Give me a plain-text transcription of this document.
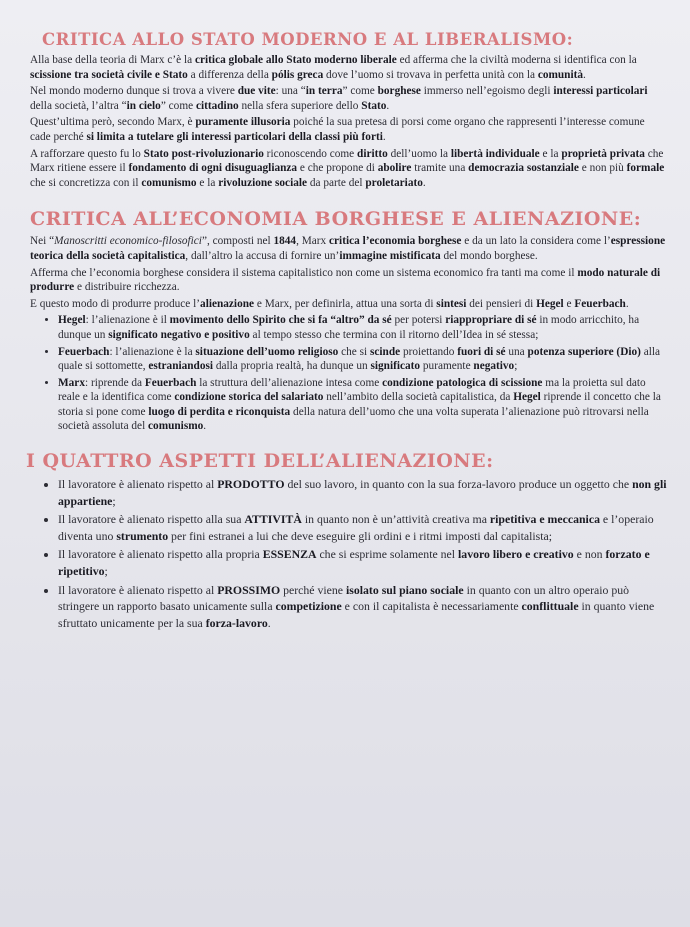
CRITICA ALLO STATO MODERNO E AL LIBERALISMO:

Alla base della teoria di Marx c’è la critica globale allo Stato moderno liberale ed afferma che la civiltà moderna si identifica con la scissione tra società civile e Stato a differenza della pólis greca dove l’uomo si trovava in perfetta unità con la comunità.

Nel mondo moderno dunque si trova a vivere due vite: una “in terra” come borghese immerso nell’egoismo degli interessi particolari della società, l’altra “in cielo” come cittadino nella sfera superiore dello Stato.

Quest’ultima però, secondo Marx, è puramente illusoria poiché la sua pretesa di porsi come organo che rappresenti l’interesse comune cade perché si limita a tutelare gli interessi particolari della classi più forti.

A rafforzare questo fu lo Stato post-rivoluzionario riconoscendo come diritto dell’uomo la libertà individuale e la proprietà privata che Marx ritiene essere il fondamento di ogni disuguaglianza e che propone di abolire tramite una democrazia sostanziale e non più formale che si concretizza con il comunismo e la rivoluzione sociale da parte del proletariato.

CRITICA ALL’ECONOMIA BORGHESE E ALIENAZIONE:

Nei “Manoscritti economico-filosofici”, composti nel 1844, Marx critica l’economia borghese e da un lato la considera come l’espressione teorica della società capitalistica, dall’altro la accusa di fornire un’immagine mistificata del mondo borghese.

Afferma che l’economia borghese considera il sistema capitalistico non come un sistema economico fra tanti ma come il modo naturale di produrre e distribuire ricchezza.

E questo modo di produrre produce l’alienazione e Marx, per definirla, attua una sorta di sintesi dei pensieri di Hegel e Feuerbach.

• Hegel: l’alienazione è il movimento dello Spirito che si fa “altro” da sé per potersi riappropriare di sé in modo arricchito, ha dunque un significato negativo e positivo al tempo stesso che termina con il ritorno dell’Idea in sé stessa;
• Feuerbach: l’alienazione è la situazione dell’uomo religioso che si scinde proiettando fuori di sé una potenza superiore (Dio) alla quale si sottomette, estraniandosi dalla propria realtà, ha dunque un significato puramente negativo;
• Marx: riprende da Feuerbach la struttura dell’alienazione intesa come condizione patologica di scissione ma la proietta sul dato reale e la identifica come condizione storica del salariato nell’ambito della società capitalistica, da Hegel riprende il concetto che la storia si pone come luogo di perdita e riconquista della natura dell’uomo che una volta superata l’alienazione può ritrovarsi nella società assoluta del comunismo.
I QUATTRO ASPETTI DELL’ALIENAZIONE:
• Il lavoratore è alienato rispetto al PRODOTTO del suo lavoro, in quanto con la sua forza-lavoro produce un oggetto che non gli appartiene;
• Il lavoratore è alienato rispetto alla sua ATTIVITÀ in quanto non è un’attività creativa ma ripetitiva e meccanica e l’operaio diventa uno strumento per fini estranei a lui che deve eseguire gli ordini e i ritmi imposti dal capitalista;
• Il lavoratore è alienato rispetto alla propria ESSENZA che si esprime solamente nel lavoro libero e creativo e non forzato e ripetitivo;
• Il lavoratore è alienato rispetto al PROSSIMO perché viene isolato sul piano sociale in quanto con un altro operaio può stringere un rapporto basato unicamente sulla competizione e con il capitalista è necessariamente conflittuale in quanto viene sfruttato unicamente per la sua forza-lavoro.
